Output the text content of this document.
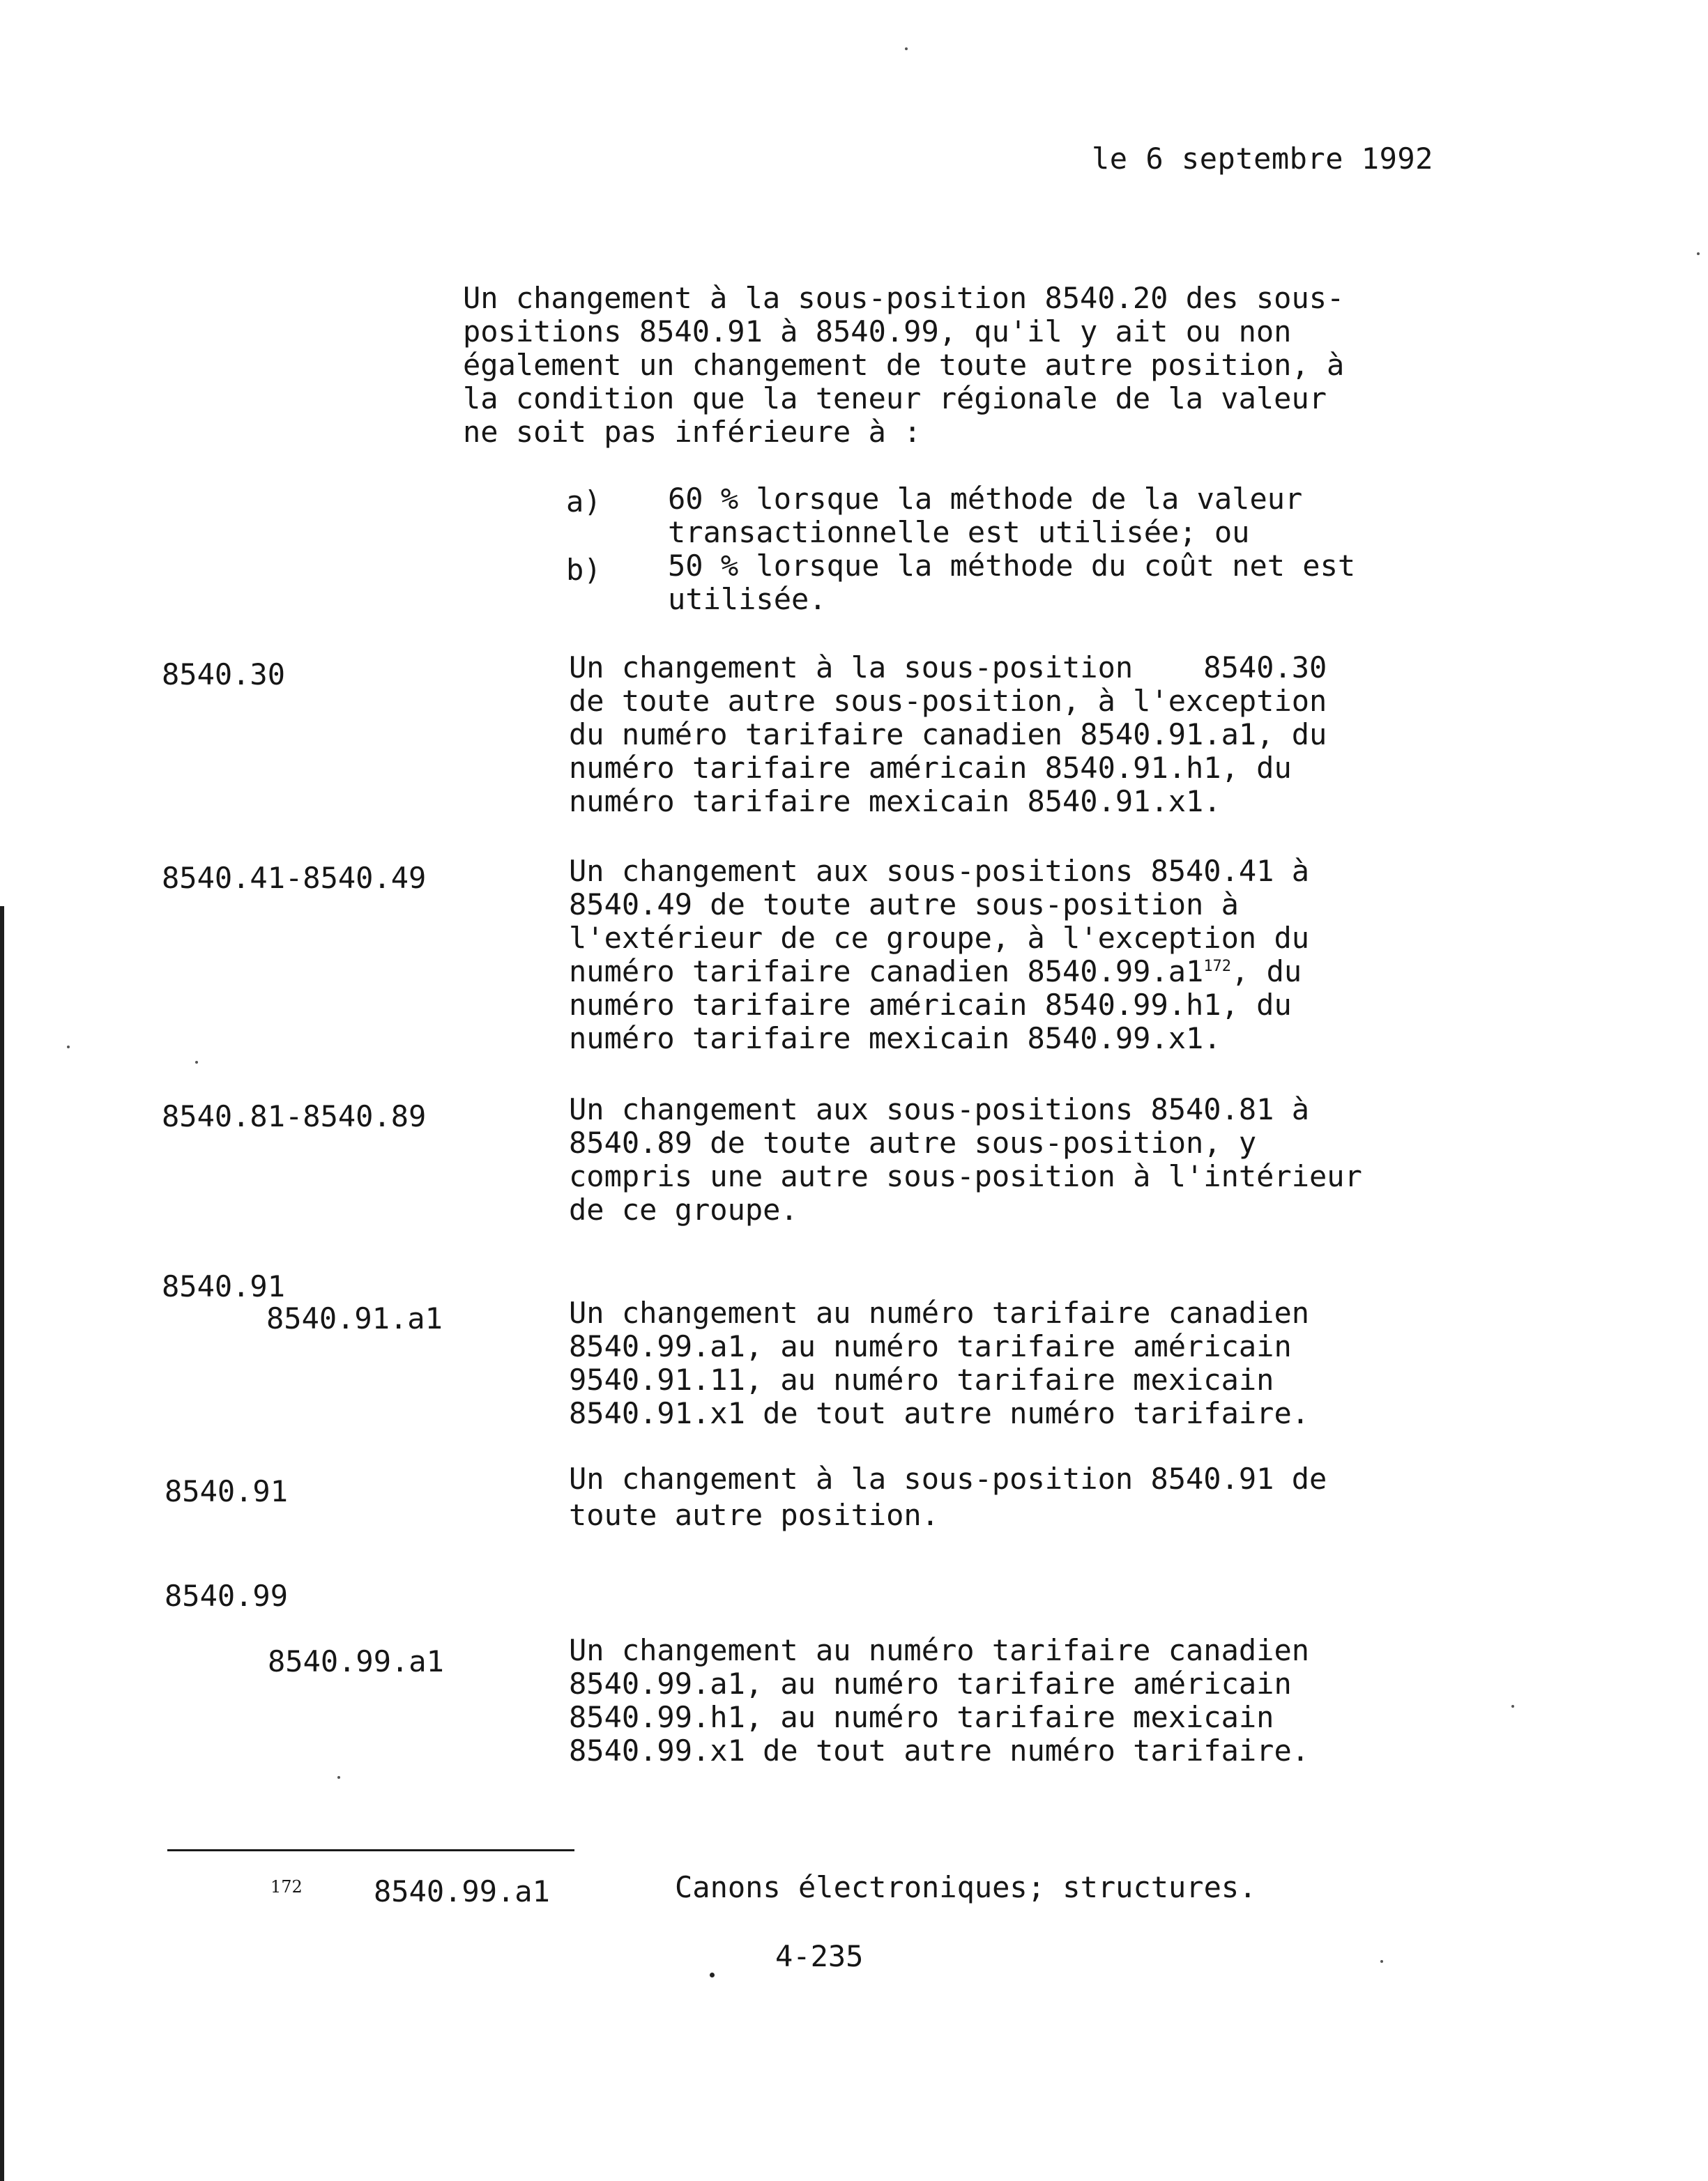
le 6 septembre 1992
Un changement à la sous-position 8540.20 des sous-
positions 8540.91 à 8540.99, qu'il y ait ou non
également un changement de toute autre position, à
la condition que la teneur régionale de la valeur
ne soit pas inférieure à :
a) 60 % lorsque la méthode de la valeur
transactionnelle est utilisée; ou
b) 50 % lorsque la méthode du coût net est
utilisée.
8540.30	Un changement à la sous-position    8540.30
de toute autre sous-position, à l'exception
du numéro tarifaire canadien 8540.91.a1, du
numéro tarifaire américain 8540.91.h1, du
numéro tarifaire mexicain 8540.91.x1.
8540.41-8540.49	Un changement aux sous-positions 8540.41 à
8540.49 de toute autre sous-position à
l'extérieur de ce groupe, à l'exception du
numéro tarifaire canadien $8540.99.a1^{172}$, du
numéro tarifaire américain 8540.99.h1, du
numéro tarifaire mexicain 8540.99.x1.
8540.81-8540.89	Un changement aux sous-positions 8540.81 à
8540.89 de toute autre sous-position, y
compris une autre sous-position à l'intérieur
de ce groupe.
8540.91
8540.91.a1	Un changement au numéro tarifaire canadien
8540.99.a1, au numéro tarifaire américain
9540.91.11, au numéro tarifaire mexicain
8540.91.x1 de tout autre numéro tarifaire.
8540.91	Un changement à la sous-position 8540.91 de
toute autre position.
8540.99
8540.99.a1	Un changement au numéro tarifaire canadien
8540.99.a1, au numéro tarifaire américain
8540.99.h1, au numéro tarifaire mexicain
8540.99.x1 de tout autre numéro tarifaire.
172 8540.99.a1	Canons électroniques; structures.
4-235
